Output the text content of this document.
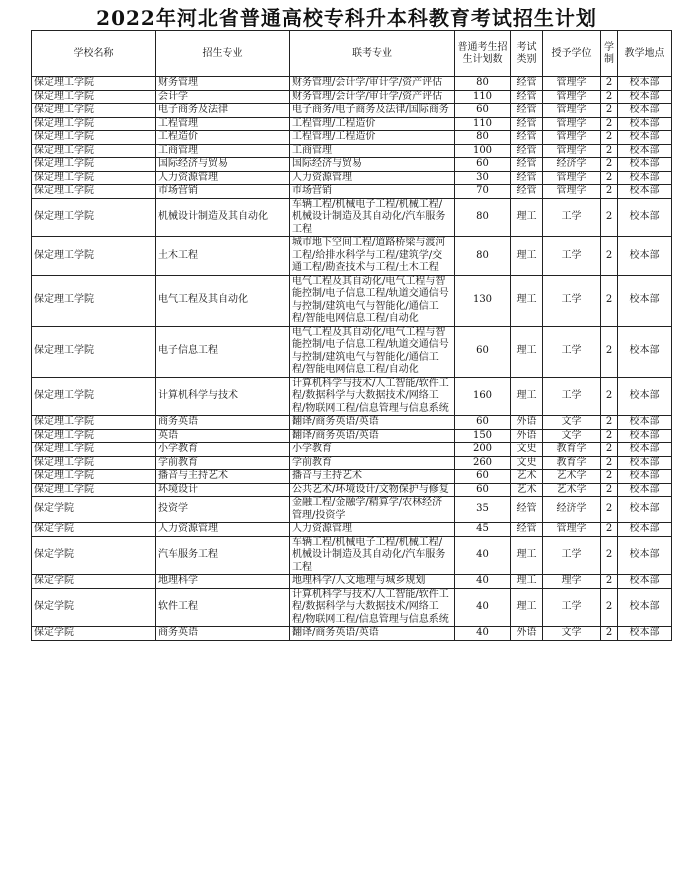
2022年河北省普通高校专科升本科教育考试招生计划
学校名称	招生专业	联考专业	普通考生招生计划数	考试类别	授予学位	学制	教学地点
保定理工学院	财务管理	财务管理/会计学/审计学/资产评估	80	经管	管理学	2	校本部
保定理工学院	会计学	财务管理/会计学/审计学/资产评估	110	经管	管理学	2	校本部
保定理工学院	电子商务及法律	电子商务/电子商务及法律/国际商务	60	经管	管理学	2	校本部
保定理工学院	工程管理	工程管理/工程造价	110	经管	管理学	2	校本部
保定理工学院	工程造价	工程管理/工程造价	80	经管	管理学	2	校本部
保定理工学院	工商管理	工商管理	100	经管	管理学	2	校本部
保定理工学院	国际经济与贸易	国际经济与贸易	60	经管	经济学	2	校本部
保定理工学院	人力资源管理	人力资源管理	30	经管	管理学	2	校本部
保定理工学院	市场营销	市场营销	70	经管	管理学	2	校本部
保定理工学院	机械设计制造及其自动化	车辆工程/机械电子工程/机械工程/机械设计制造及其自动化/汽车服务工程	80	理工	工学	2	校本部
保定理工学院	土木工程	城市地下空间工程/道路桥梁与渡河工程/给排水科学与工程/建筑学/交通工程/勘查技术与工程/土木工程	80	理工	工学	2	校本部
保定理工学院	电气工程及其自动化	电气工程及其自动化/电气工程与智能控制/电子信息工程/轨道交通信号与控制/建筑电气与智能化/通信工程/智能电网信息工程/自动化	130	理工	工学	2	校本部
保定理工学院	电子信息工程	电气工程及其自动化/电气工程与智能控制/电子信息工程/轨道交通信号与控制/建筑电气与智能化/通信工程/智能电网信息工程/自动化	60	理工	工学	2	校本部
保定理工学院	计算机科学与技术	计算机科学与技术/人工智能/软件工程/数据科学与大数据技术/网络工程/物联网工程/信息管理与信息系统	160	理工	工学	2	校本部
保定理工学院	商务英语	翻译/商务英语/英语	60	外语	文学	2	校本部
保定理工学院	英语	翻译/商务英语/英语	150	外语	文学	2	校本部
保定理工学院	小学教育	小学教育	200	文史	教育学	2	校本部
保定理工学院	学前教育	学前教育	260	文史	教育学	2	校本部
保定理工学院	播音与主持艺术	播音与主持艺术	60	艺术	艺术学	2	校本部
保定理工学院	环境设计	公共艺术/环境设计/文物保护与修复	60	艺术	艺术学	2	校本部
保定学院	投资学	金融工程/金融学/精算学/农林经济管理/投资学	35	经管	经济学	2	校本部
保定学院	人力资源管理	人力资源管理	45	经管	管理学	2	校本部
保定学院	汽车服务工程	车辆工程/机械电子工程/机械工程/机械设计制造及其自动化/汽车服务工程	40	理工	工学	2	校本部
保定学院	地理科学	地理科学/人文地理与城乡规划	40	理工	理学	2	校本部
保定学院	软件工程	计算机科学与技术/人工智能/软件工程/数据科学与大数据技术/网络工程/物联网工程/信息管理与信息系统	40	理工	工学	2	校本部
保定学院	商务英语	翻译/商务英语/英语	40	外语	文学	2	校本部
